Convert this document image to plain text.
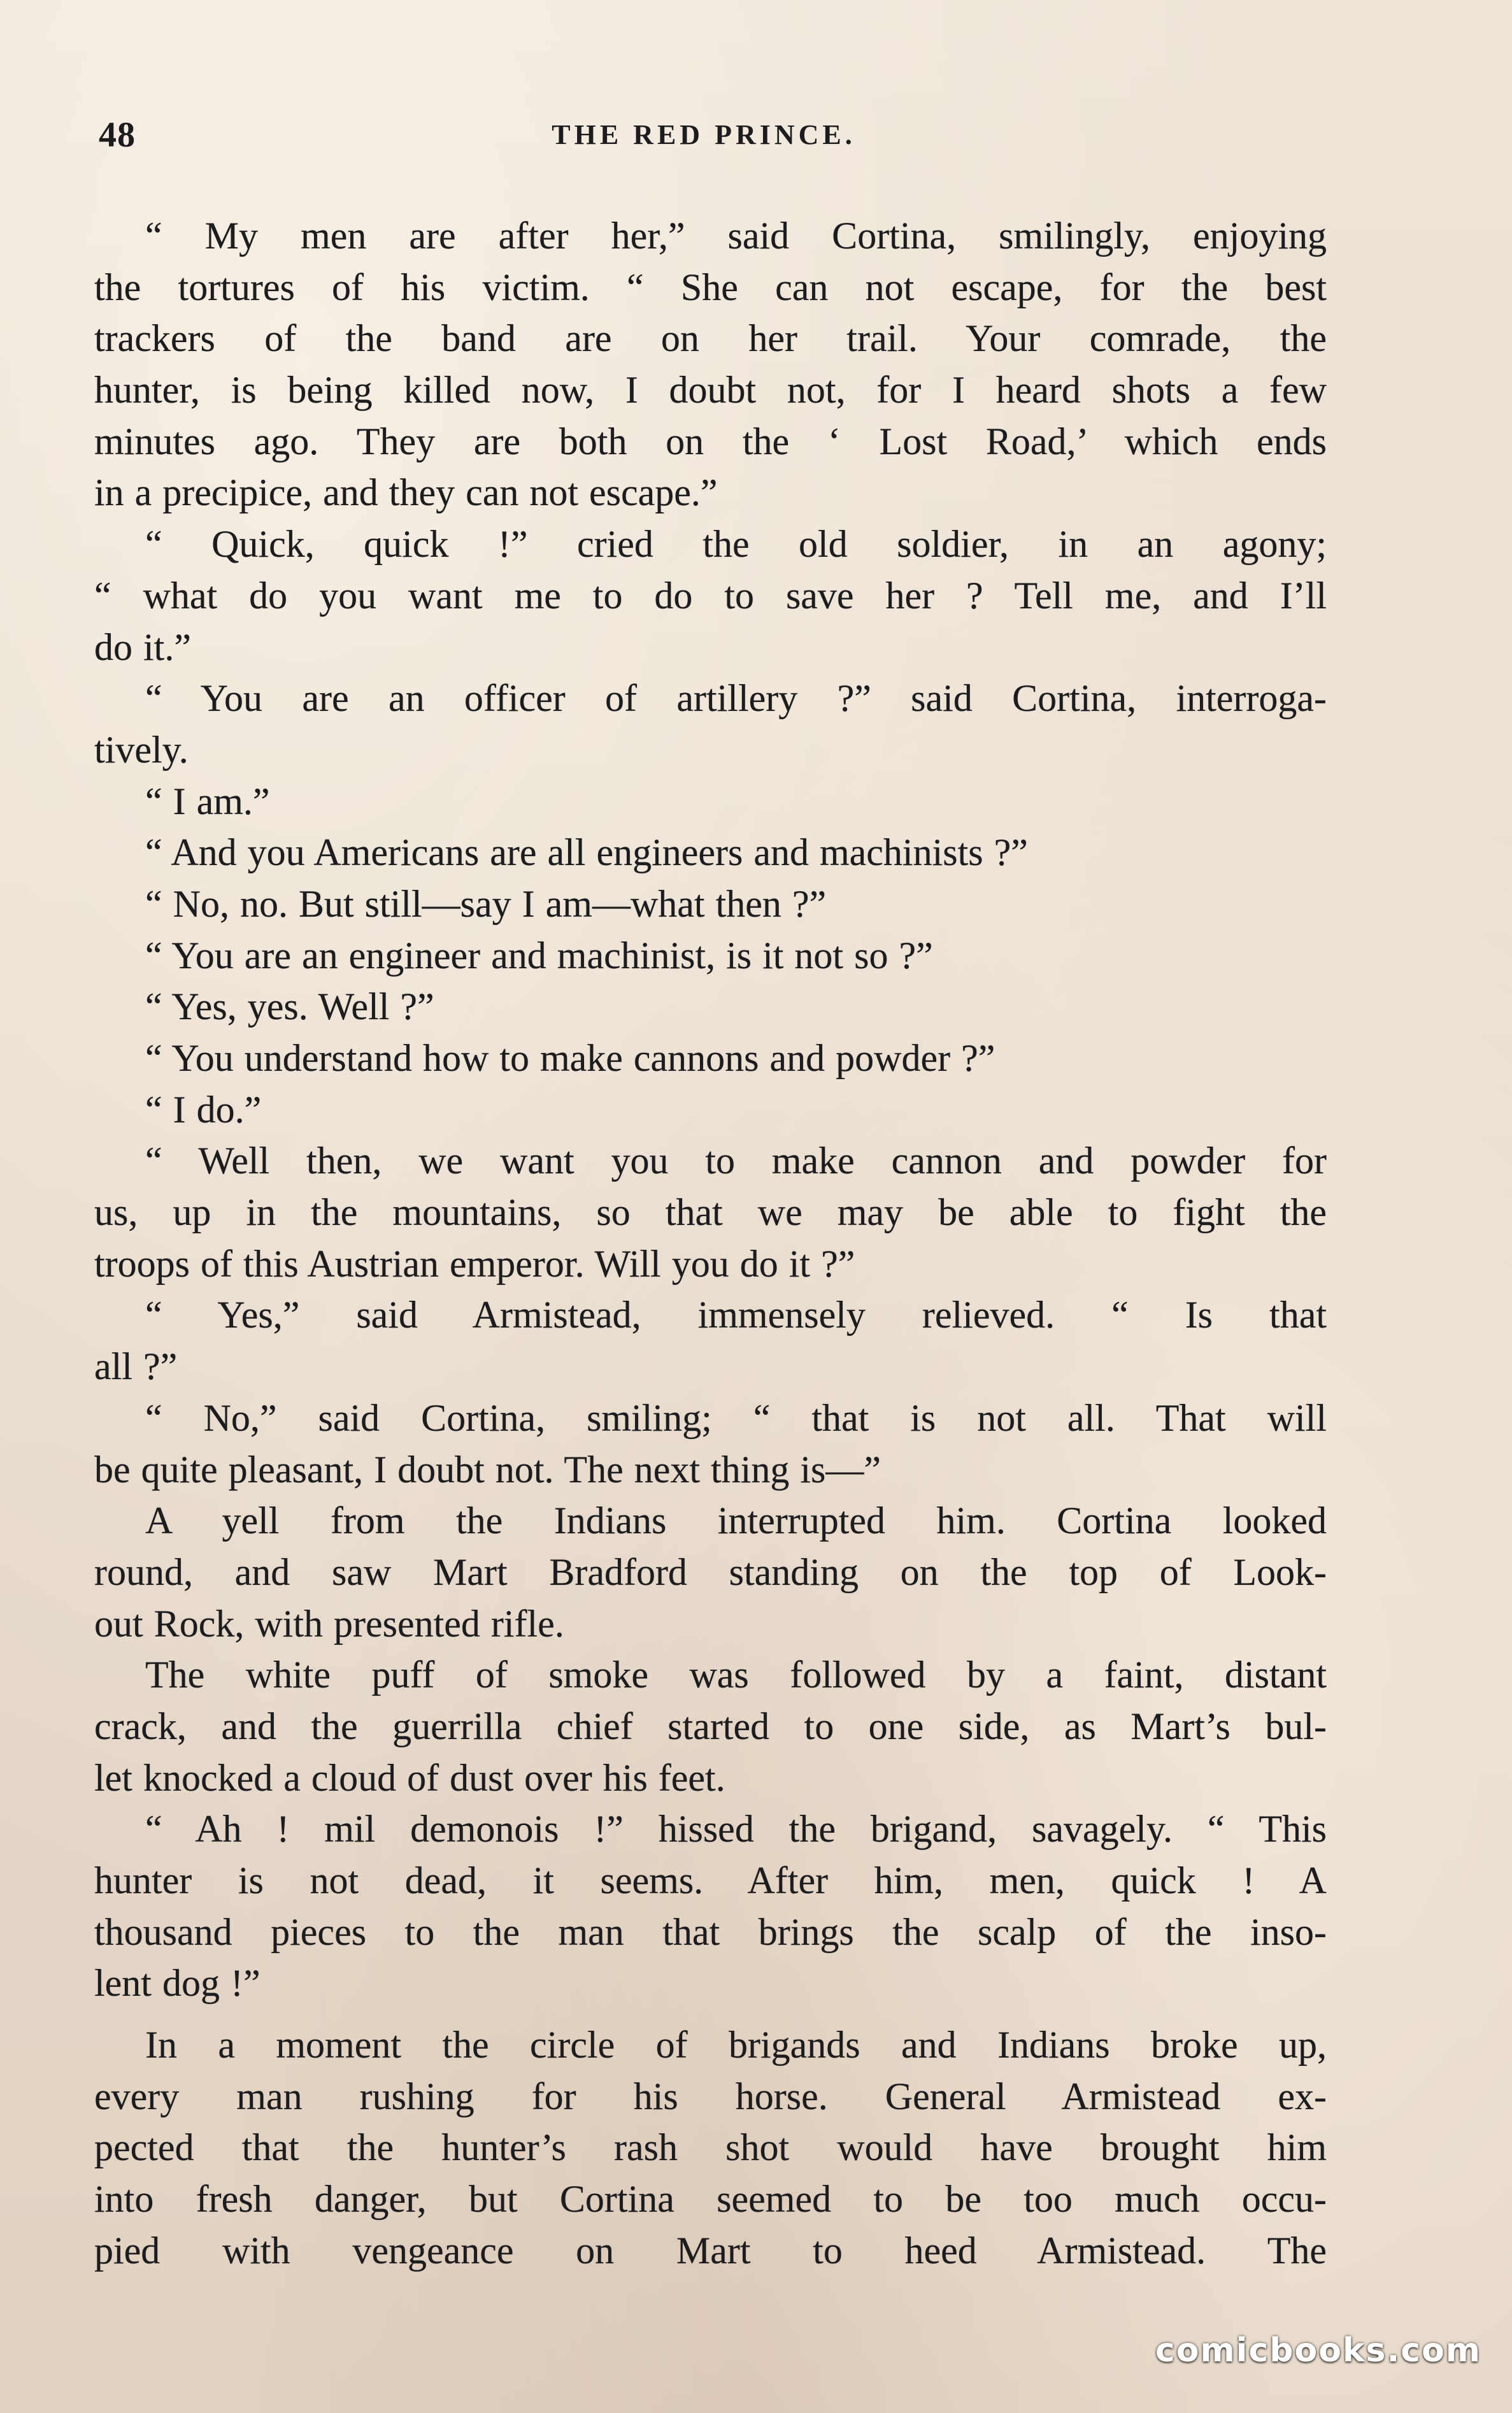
48	THE RED PRINCE.
“ My men are after her,” said Cortina, smilingly, enjoying
the tortures of his victim. “ She can not escape, for the best
trackers of the band are on her trail. Your comrade, the
hunter, is being killed now, I doubt not, for I heard shots a few
minutes ago. They are both on the ‘ Lost Road,’ which ends
in a precipice, and they can not escape.”
“ Quick, quick !” cried the old soldier, in an agony;
“ what do you want me to do to save her ? Tell me, and I’ll
do it.”
“ You are an officer of artillery ?” said Cortina, interroga-
tively.
“ I am.”
“ And you Americans are all engineers and machinists ?”
“ No, no. But still—say I am—what then ?”
“ You are an engineer and machinist, is it not so ?”
“ Yes, yes. Well ?”
“ You understand how to make cannons and powder ?”
“ I do.”
“ Well then, we want you to make cannon and powder for
us, up in the mountains, so that we may be able to fight the
troops of this Austrian emperor. Will you do it ?”
“ Yes,” said Armistead, immensely relieved. “ Is that
all ?”
“ No,” said Cortina, smiling; “ that is not all. That will
be quite pleasant, I doubt not. The next thing is—”
A yell from the Indians interrupted him. Cortina looked
round, and saw Mart Bradford standing on the top of Look-
out Rock, with presented rifle.
The white puff of smoke was followed by a faint, distant
crack, and the guerrilla chief started to one side, as Mart’s bul-
let knocked a cloud of dust over his feet.
“ Ah ! mil demonois !” hissed the brigand, savagely. “ This
hunter is not dead, it seems. After him, men, quick ! A
thousand pieces to the man that brings the scalp of the inso-
lent dog !”
In a moment the circle of brigands and Indians broke up,
every man rushing for his horse. General Armistead ex-
pected that the hunter’s rash shot would have brought him
into fresh danger, but Cortina seemed to be too much occu-
pied with vengeance on Mart to heed Armistead. The
comicbooks.com
